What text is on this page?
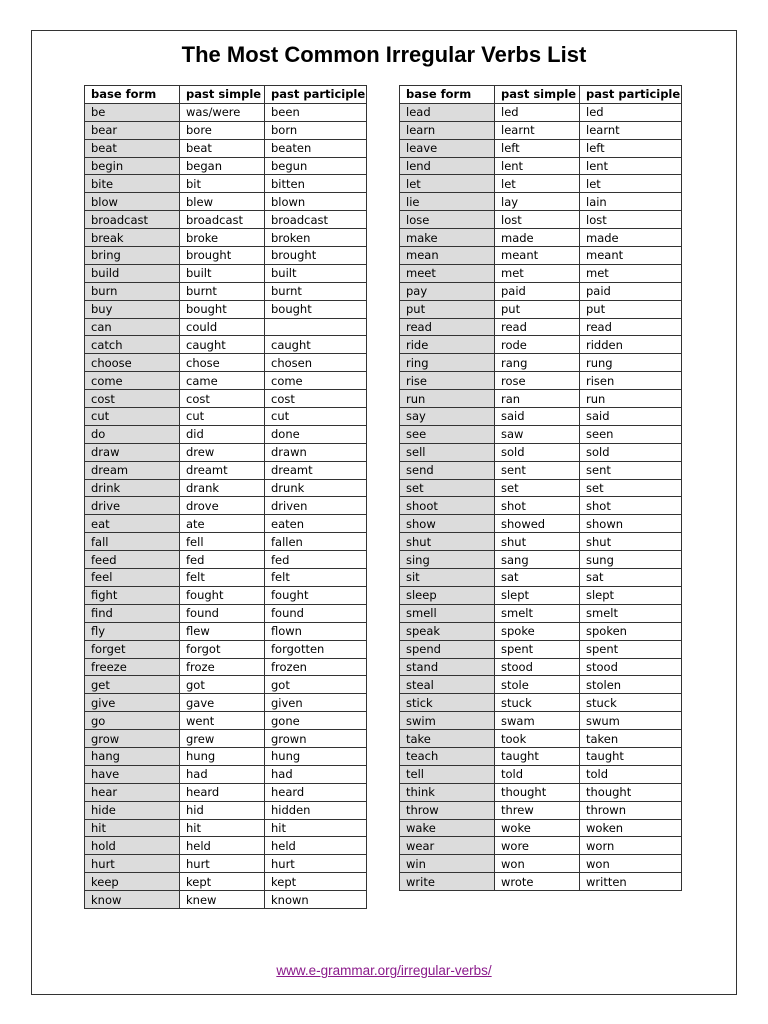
The Most Common Irregular Verbs List
base form	past simple	past participle
be	was/were	been
bear	bore	born
beat	beat	beaten
begin	began	begun
bite	bit	bitten
blow	blew	blown
broadcast	broadcast	broadcast
break	broke	broken
bring	brought	brought
build	built	built
burn	burnt	burnt
buy	bought	bought
can	could	
catch	caught	caught
choose	chose	chosen
come	came	come
cost	cost	cost
cut	cut	cut
do	did	done
draw	drew	drawn
dream	dreamt	dreamt
drink	drank	drunk
drive	drove	driven
eat	ate	eaten
fall	fell	fallen
feed	fed	fed
feel	felt	felt
fight	fought	fought
find	found	found
fly	flew	flown
forget	forgot	forgotten
freeze	froze	frozen
get	got	got
give	gave	given
go	went	gone
grow	grew	grown
hang	hung	hung
have	had	had
hear	heard	heard
hide	hid	hidden
hit	hit	hit
hold	held	held
hurt	hurt	hurt
keep	kept	kept
know	knew	known
base form	past simple	past participle
lead	led	led
learn	learnt	learnt
leave	left	left
lend	lent	lent
let	let	let
lie	lay	lain
lose	lost	lost
make	made	made
mean	meant	meant
meet	met	met
pay	paid	paid
put	put	put
read	read	read
ride	rode	ridden
ring	rang	rung
rise	rose	risen
run	ran	run
say	said	said
see	saw	seen
sell	sold	sold
send	sent	sent
set	set	set
shoot	shot	shot
show	showed	shown
shut	shut	shut
sing	sang	sung
sit	sat	sat
sleep	slept	slept
smell	smelt	smelt
speak	spoke	spoken
spend	spent	spent
stand	stood	stood
steal	stole	stolen
stick	stuck	stuck
swim	swam	swum
take	took	taken
teach	taught	taught
tell	told	told
think	thought	thought
throw	threw	thrown
wake	woke	woken
wear	wore	worn
win	won	won
write	wrote	written
www.e-grammar.org/irregular-verbs/
